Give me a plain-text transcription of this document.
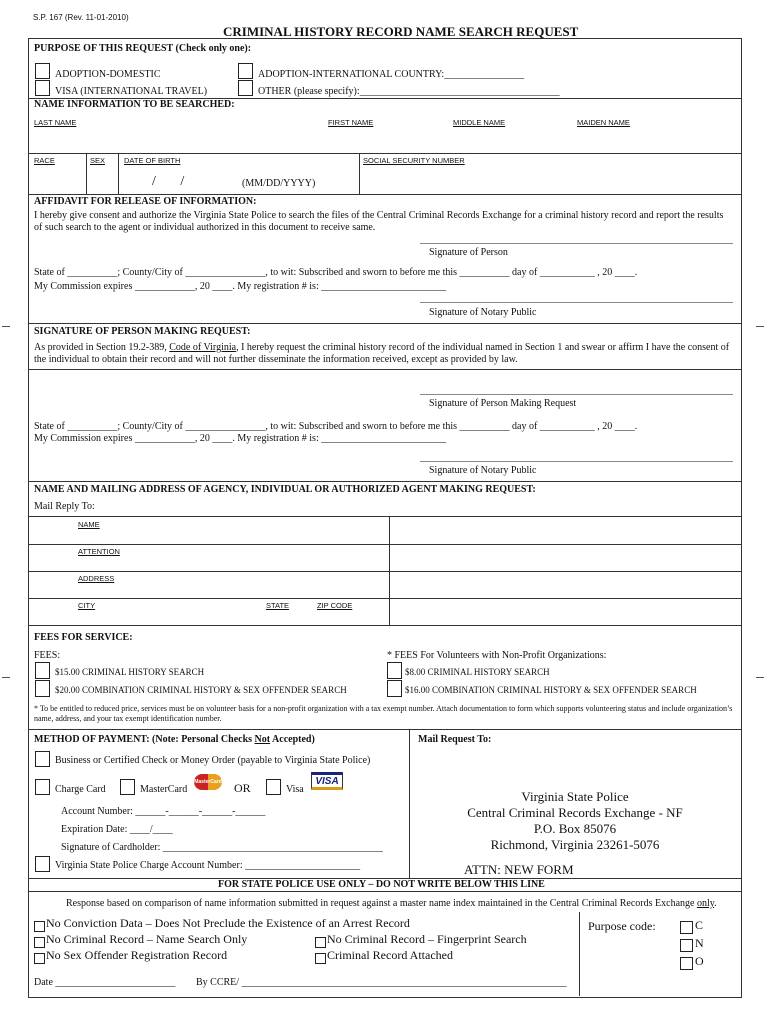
S.P. 167 (Rev. 11-01-2010)
CRIMINAL HISTORY RECORD NAME SEARCH REQUEST
PURPOSE OF THIS REQUEST (Check only one):
ADOPTION-DOMESTIC	ADOPTION-INTERNATIONAL COUNTRY:________________
VISA (INTERNATIONAL TRAVEL)	OTHER (please specify):________________________________________
NAME INFORMATION TO BE SEARCHED:
LAST NAME	FIRST NAME	MIDDLE NAME	MAIDEN NAME
RACE	SEX	DATE OF BIRTH
/       /	(MM/DD/YYYY)
SOCIAL SECURITY NUMBER
AFFIDAVIT FOR RELEASE OF INFORMATION:
I hereby give consent and authorize the Virginia State Police to search the files of the Central Criminal Records Exchange for a criminal history record and report the results of such search to the agent or individual authorized in this document to receive same.
Signature of Person
State of __________; County/City of ________________, to wit: Subscribed and sworn to before me this __________ day of ___________ , 20 ____.
My Commission expires ____________, 20 ____. My registration # is: _________________________
Signature of Notary Public
SIGNATURE OF PERSON MAKING REQUEST:
As provided in Section 19.2-389, Code of Virginia, I hereby request the criminal history record of the individual named in Section 1 and swear or affirm I have the consent of the individual to obtain their record and will not further disseminate the information received, except as provided by law.
Signature of Person Making Request
State of __________; County/City of ________________, to wit: Subscribed and sworn to before me this __________ day of ___________ , 20 ____.
My Commission expires ____________, 20 ____. My registration # is: _________________________
Signature of Notary Public
NAME AND MAILING ADDRESS OF AGENCY, INDIVIDUAL OR AUTHORIZED AGENT MAKING REQUEST:
Mail Reply To:
NAME
ATTENTION
ADDRESS
CITY	STATE	ZIP CODE
FEES FOR SERVICE:
FEES:	* FEES For Volunteers with Non-Profit Organizations:
$15.00 CRIMINAL HISTORY SEARCH
$20.00 COMBINATION CRIMINAL HISTORY & SEX OFFENDER SEARCH
$8.00 CRIMINAL HISTORY SEARCH
$16.00 COMBINATION CRIMINAL HISTORY & SEX OFFENDER SEARCH
* To be entitled to reduced price, services must be on volunteer basis for a non-profit organization with a tax exempt number. Attach documentation to form which supports volunteering status and include organization’s name, address, and your tax exempt identification number.
METHOD OF PAYMENT: (Note: Personal Checks Not Accepted)
Business or Certified Check or Money Order (payable to Virginia State Police)
Charge Card	MasterCard
MasterCard OR	Visa
VISA
Account Number: ______-______-______-______
Expiration Date: ____/____
Signature of Cardholder: ____________________________________________
Virginia State Police Charge Account Number: _______________________
Mail Request To:
Virginia State Police
Central Criminal Records Exchange - NF
P.O. Box 85076
Richmond, Virginia 23261-5076
ATTN: NEW FORM
FOR STATE POLICE USE ONLY – DO NOT WRITE BELOW THIS LINE
Response based on comparison of name information submitted in request against a master name index maintained in the Central Criminal Records Exchange only.
No Conviction Data – Does Not Preclude the Existence of an Arrest Record
No Criminal Record – Name Search Only	No Criminal Record – Fingerprint Search
No Sex Offender Registration Record	Criminal Record Attached
Purpose code:	C
N
O
Date ________________________ By CCRE/ _________________________________________________________________
